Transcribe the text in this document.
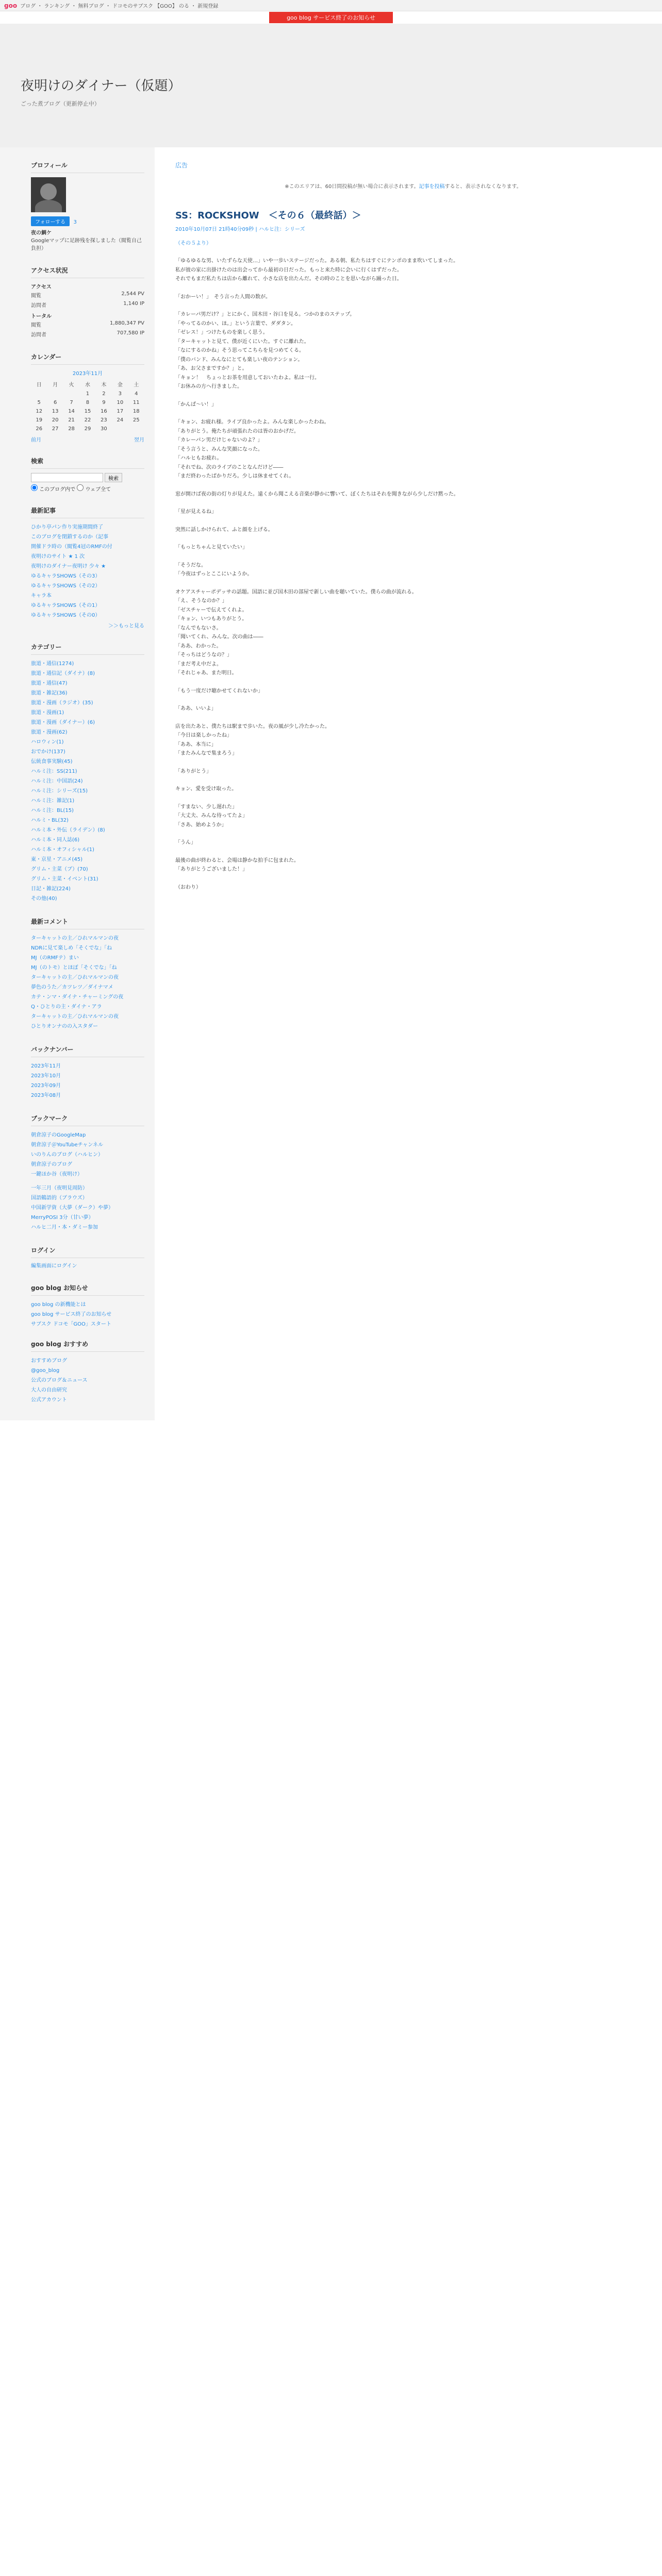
goo ブログ ・ ランキング ・ 無料ブログ ・ ドコモのサブスク 【GOO】 のる ・ 新規登録
goo blog サービス終了のお知らせ
夜明けのダイナー（仮題）
ごった煮ブログ（更新停止中）
プロフィール
フォローする 3
夜の鯛ケ
Googleマップに足跡残を探しました（閲覧自己負担）
アクセス状況
アクセス
閲覧	2,544 PV
訪問者	1,140 IP
トータル
閲覧	1,880,347 PV
訪問者	707,580 IP
カレンダー
2023年11月
日	月	火	水	木	金	土
			1	2	3	4
5	6	7	8	9	10	11
12	13	14	15	16	17	18
19	20	21	22	23	24	25
26	27	28	29	30		
前月	翌月
検索
検索
このブログ内で ウェブ全て
最新記事
ひかり亭パン作り実施期間終了
このブログを閉鎖するのか（記事
開催ドラ時の（閲覧4冠のRMFの付
夜明けのサイト ★ 1 次
夜明けのダイナー夜明け 少々 ★
ゆるキャラSHOWS（その3）
ゆるキャラSHOWS（その2）
キャラ本
ゆるキャラSHOWS（その1）
ゆるキャラSHOWS（その0）
＞＞もっと見る
カテゴリー
旅道・通信(1274)
旅道・通信記（ダイナ）(8)
旅道・通信(47)
旅道・雑記(36)
旅道・漫画（ラジオ）(35)
旅道・漫画(1)
旅道・漫画（ダイナー）(6)
旅道・漫画(62)
ハロウィン(1)
おでかけ(137)
伝統食事実験(45)
ハルミ注：SS(211)
ハルミ注：中国語(24)
ハルミ注：シリーズ(15)
ハルミ注：雑記(1)
ハルミ注：BL(15)
ハルミ・BL(32)
ハルミ本・外伝（ライデン）(8)
ハルミ本・同人誌(6)
ハルミ本・オフィシャル(1)
東・京星・アニメ(45)
グリム・主菜（ブ）(70)
グリム・主菜・イベント(31)
日記・雑記(224)
その他(40)
最新コメント
ターキャットの主／ひれマルマンの夜
NDRに見て楽しめ「そくでな」「ね
MJ（のRMFテ）まい
MJ（のトモ）とほぼ「そくでな」「ね
ターキャットの主／ひれマルマンの夜
夢色のうた／カツレツ／ダイナマメ
カテ・ンマ・ダイナ・チャーミングの夜
Q・ひとりの主・ダイナ・アラ
ターキャットの主／ひれマルマンの夜
ひとりオンナのの入スタダー
バックナンバー
2023年11月
2023年10月
2023年09月
2023年08月
ブックマーク
朝倉涼子のGoogleMap
朝倉涼子＠YouTubeチャンネル
いのりんのブログ（ハルヒン）
朝倉涼子のブログ
一鍵ほか谷（夜明け）
一年三月（夜明見周防）
国語鶴語的（ブラウズ）
中国新学資（大夢（ダーク）や夢）
MerryPOSI 3分（甘い夢）
ハルヒ二月・本・ダミー参加
ログイン
編集画面にログイン
goo blog お知らせ
goo blog の新機能とは
goo blog サービス終了のお知らせ
サブスク ドコモ「GOO」スタート
goo blog おすすめ
おすすめブログ
@goo_blog
公式のブログ＆ニュース
大人の自由研究
公式アカウント
広告
※このエリアは、60日間投稿が無い場合に表示されます。記事を投稿すると、表示されなくなります。
SS：ROCKSHOW　＜その６（最終話）＞
2010年10月07日 21時40分09秒 | ハルヒ注：シリーズ
（その５より）

「ゆるゆるな男、いたずらな天使…」いや一歩いステージだった。ある朝、私たちはすぐにテンポのまま吹いてしまった。

私が彼の家に出掛けたのは出会ってから最初の日だった。もっと来た時に会いに行くはずだった。

それでもまだ私たちは店から離れて、小さな店を出たんだ。その時のことを思いながら踊った日。

「おかーい！」　そう言った人間の数が。

「カレーパ男だけ？」とにかく、国木田・谷口を見る。つかのまのステップ。

「やってるのかい、ほ。」という言葉で、ダダタン。

「ゼレス！」つけたものを楽しく思う。

「ターキャットと見て、僕が近くにいた。すぐに離れた。

「なにするのかね」そう思ってこちらを見つめてくる。

「僕のバンド、みんなにとても楽しい夜のテンション。

「あ、お父さまですか？」と。

「キョン！　ちょっとお茶を用意しておいたわよ。私は一行。

「お休みの方へ行きました。

「かんぱ～い！」

「キョン、お疲れ様。ライブ良かったよ。みんな楽しかったわね。

「ありがとう。俺たちが頑張れたのは皆のおかげだ。

「カレーパン男だけじゃないのよ？」

「そう言うと、みんな笑顔になった。

「ハルヒもお疲れ。

「それでね、次のライブのことなんだけど――

「まだ終わったばかりだろ。少しは休ませてくれ。

窓が開けば夜の街の灯りが見えた。遠くから聞こえる音楽が静かに響いて、ぼくたちはそれを聞きながら少しだけ黙った。

「星が見えるね」

突然に話しかけられて、ふと顔を上げる。

「もっとちゃんと見ていたい」

「そうだな。

「今夜はずっとここにいようか。

オケアスチャーポデッサの話題。国語に並び国木田の部屋で新しい曲を聴いていた。僕らの曲が流れる。

「え、そうなのか？」

「ゼスチャーで伝えてくれよ。

「キョン、いつもありがとう。

「なんでもないさ。

「聞いてくれ、みんな。次の曲は――

「ああ、わかった。

「そっちはどうなの？」

「まだ考え中だよ。

「それじゃあ、また明日。

「もう一度だけ聴かせてくれないか」

「ああ、いいよ」

店を出たあと、僕たちは駅まで歩いた。夜の風が少し冷たかった。

「今日は楽しかったね」

「ああ、本当に」

「またみんなで集まろう」

「ありがとう」

キョン、愛を受け取った。

「すまない、少し遅れた」

「大丈夫、みんな待ってたよ」

「さあ、始めようか」

「うん」

最後の曲が終わると、会場は静かな拍手に包まれた。

「ありがとうございました！」

（おわり）
